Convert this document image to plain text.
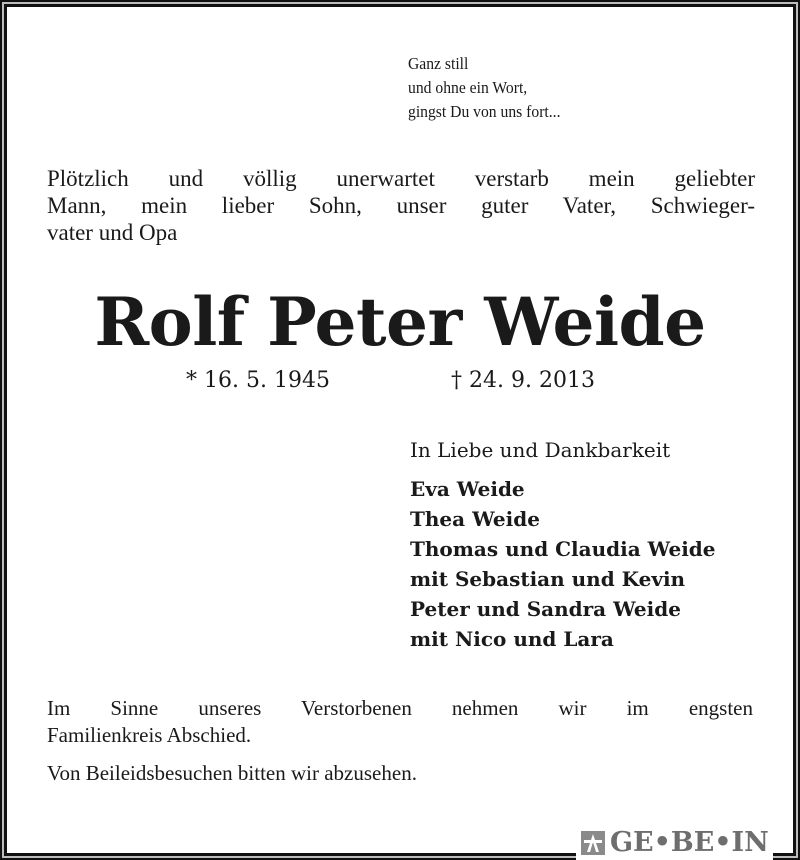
Ganz still
und ohne ein Wort,
gingst Du von uns fort...
Plötzlich und völlig unerwartet verstarb mein geliebter
Mann, mein lieber Sohn, unser guter Vater, Schwieger-
vater und Opa
Rolf Peter Weide
* 16. 5. 1945	† 24. 9. 2013
In Liebe und Dankbarkeit
Eva Weide
Thea Weide
Thomas und Claudia Weide
mit Sebastian und Kevin
Peter und Sandra Weide
mit Nico und Lara
Im Sinne unseres Verstorbenen nehmen wir im engsten
Familienkreis Abschied.
Von Beileidsbesuchen bitten wir abzusehen.
GE•BE•IN
